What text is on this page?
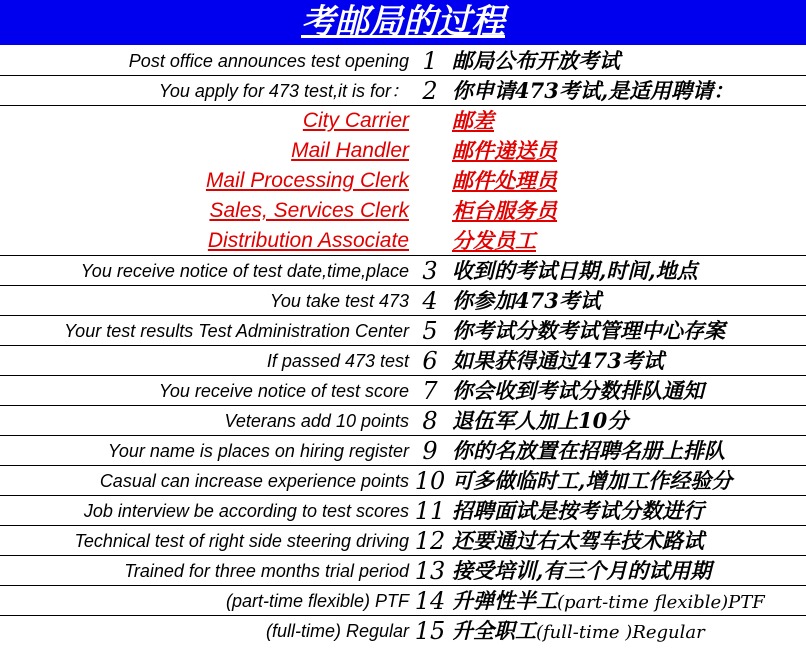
考邮局的过程
Post office announces test opening 1 邮局公布开放考试
You apply for 473 test,it is for： 2 你申请473考试,是适用聘请：
City Carrier 邮差
Mail Handler 邮件递送员
Mail Processing Clerk 邮件处理员
Sales, Services Clerk 柜台服务员
Distribution Associate 分发员工
You receive notice of test date,time,place 3 收到的考试日期,时间,地点
You take test 473 4 你参加473考试
Your test results Test Administration Center 5 你考试分数考试管理中心存案
If passed 473 test 6 如果获得通过473考试
You receive notice of test score 7 你会收到考试分数排队通知
Veterans add 10 points 8 退伍军人加上10分
Your name is places on hiring register 9 你的名放置在招聘名册上排队
Casual can increase experience points 10 可多做临时工,增加工作经验分
Job interview be according to test scores 11 招聘面试是按考试分数进行
Technical test of right side steering driving 12 还要通过右太驾车技术路试
Trained for three months trial period 13 接受培训,有三个月的试用期
(part-time flexible) PTF 14 升弹性半工(part-time flexible)PTF
(full-time) Regular 15 升全职工(full-time )Regular
